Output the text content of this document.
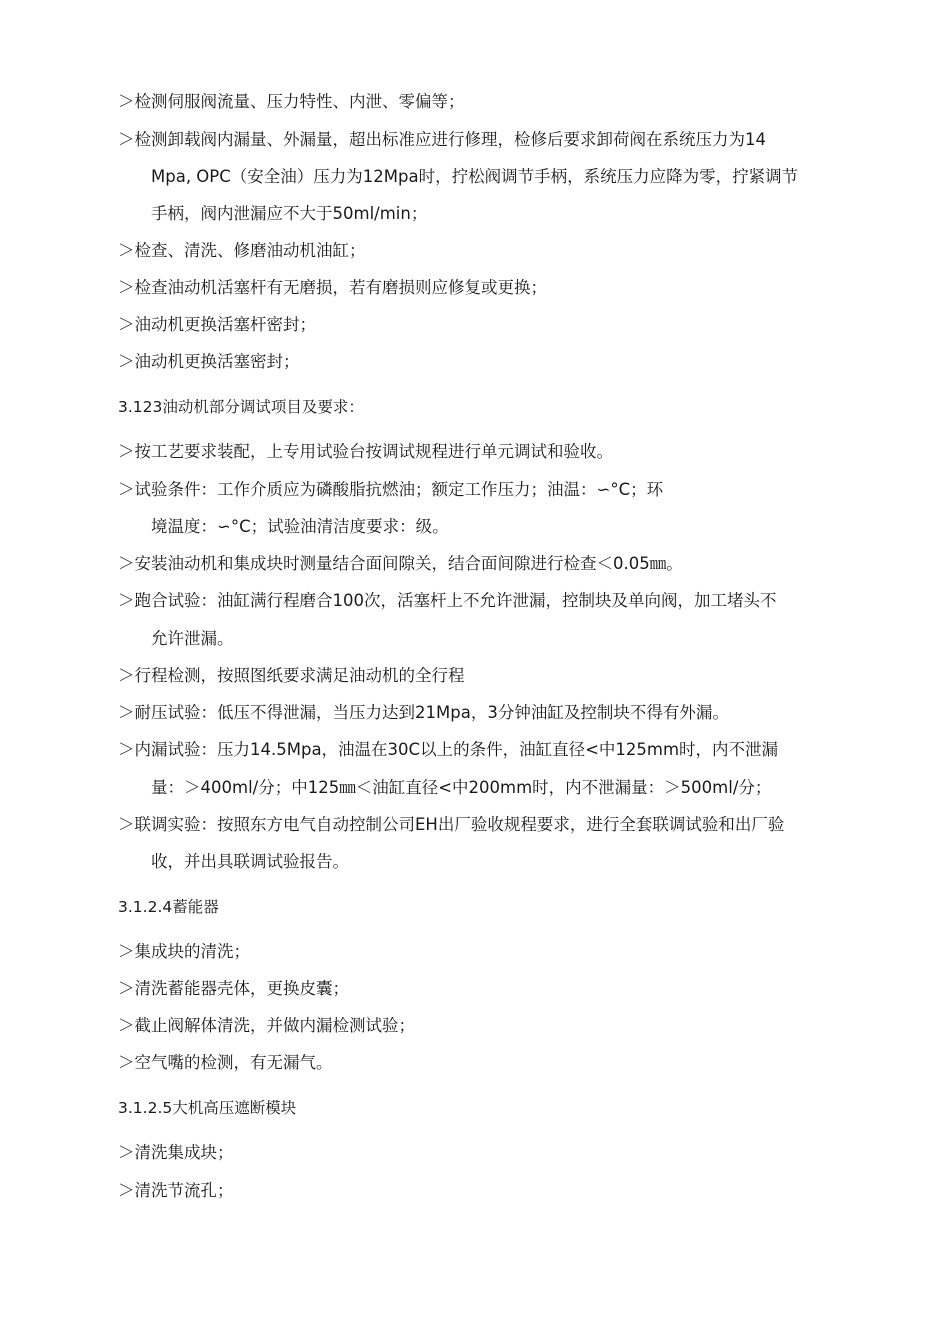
＞检测伺服阀流量、压力特性、内泄、零偏等；
＞检测卸载阀内漏量、外漏量，超出标准应进行修理，检修后要求卸荷阀在系统压力为14
Mpa, OPC（安全油）压力为12Mpa时，拧松阀调节手柄，系统压力应降为零，拧紧调节
手柄，阀内泄漏应不大于50ml/min；
＞检查、清洗、修磨油动机油缸；
＞检查油动机活塞杆有无磨损，若有磨损则应修复或更换；
＞油动机更换活塞杆密封；
＞油动机更换活塞密封；
3.123油动机部分调试项目及要求：
＞按工艺要求装配，上专用试验台按调试规程进行单元调试和验收。
＞试验条件：工作介质应为磷酸脂抗燃油；额定工作压力；油温：∽°C；环
境温度：∽°C；试验油清洁度要求：级。
＞安装油动机和集成块时测量结合面间隙关，结合面间隙进行检查＜0.05㎜。
＞跑合试验：油缸满行程磨合100次，活塞杆上不允许泄漏，控制块及单向阀，加工堵头不
允许泄漏。
＞行程检测，按照图纸要求满足油动机的全行程
＞耐压试验：低压不得泄漏，当压力达到21Mpa，3分钟油缸及控制块不得有外漏。
＞内漏试验：压力14.5Mpa，油温在30C以上的条件，油缸直径<中125mm时，内不泄漏
量：＞400ml/分；中125㎜＜油缸直径<中200mm时，内不泄漏量：＞500ml/分；
＞联调实验：按照东方电气自动控制公司EH出厂验收规程要求，进行全套联调试验和出厂验
收，并出具联调试验报告。
3.1.2.4蓄能器
＞集成块的清洗；
＞清洗蓄能器壳体，更换皮囊；
＞截止阀解体清洗，并做内漏检测试验；
＞空气嘴的检测，有无漏气。
3.1.2.5大机高压遮断模块
＞清洗集成块；
＞清洗节流孔；
